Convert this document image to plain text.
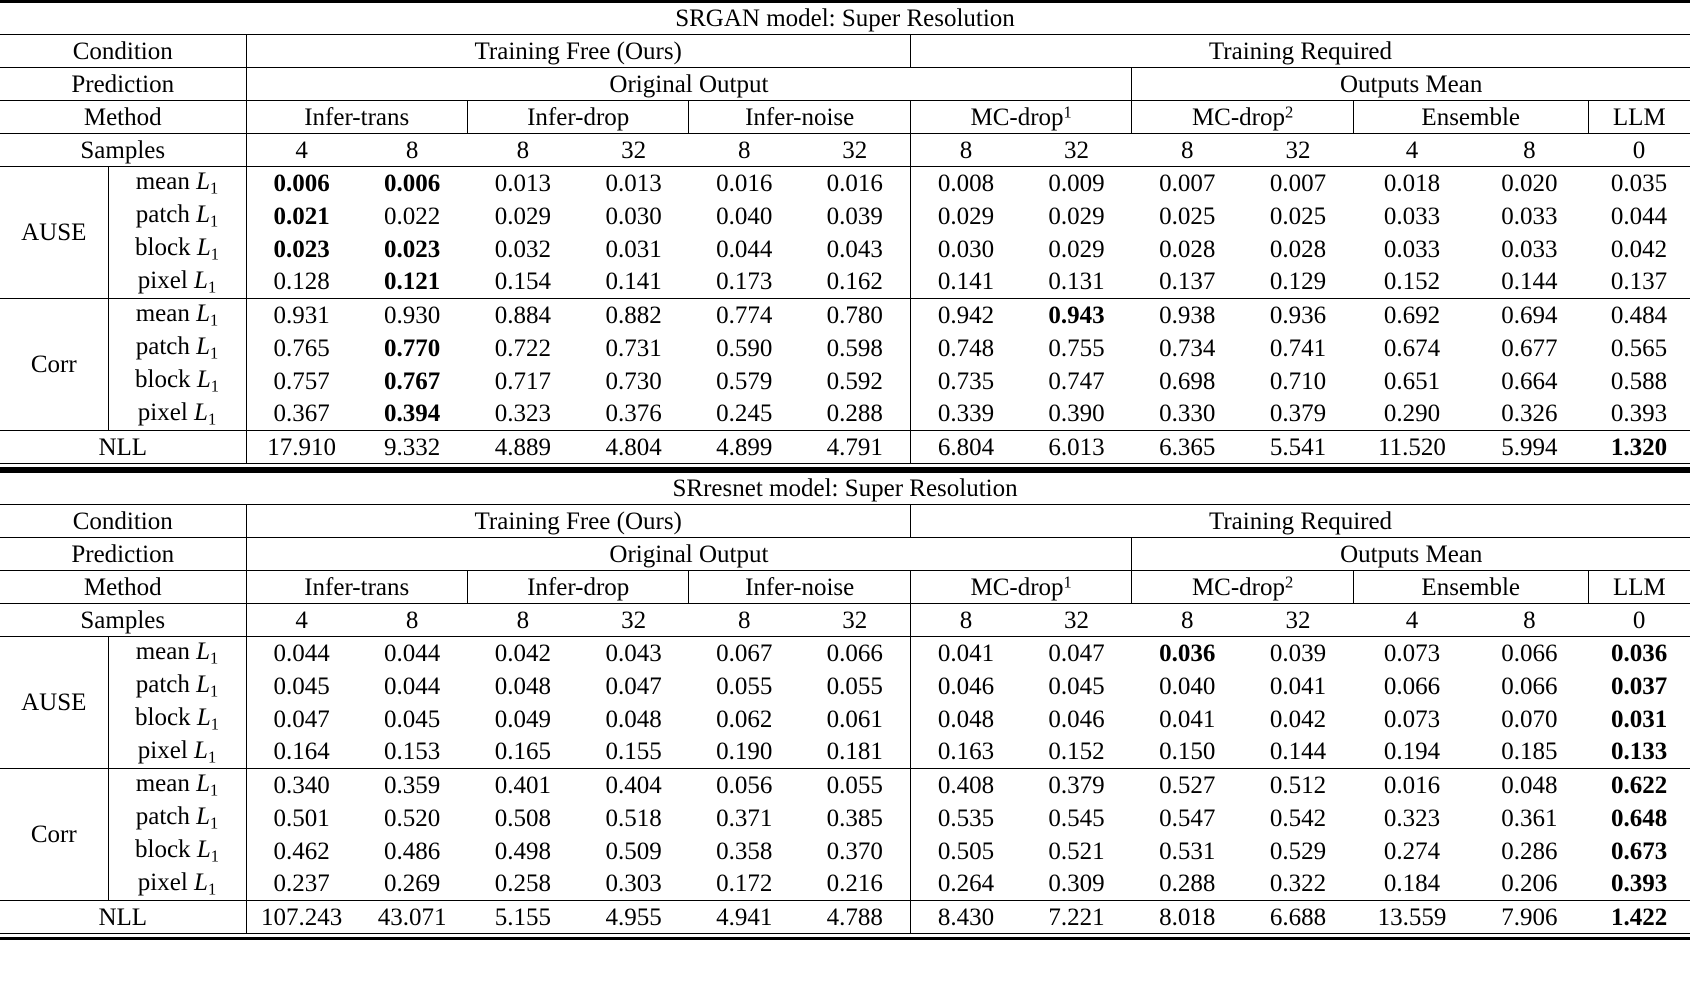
SRGAN model: Super Resolution														
Condition		Training Free (Ours)						Training Required						
Prediction		Original Output								Outputs Mean				
Method		Infer-trans		Infer-drop		Infer-noise		MC-drop$^1$		MC-drop$^2$		Ensemble		LLM
Samples		4	8	8	32	8	32	8	32	8	32	4	8	0
AUSE	mean $L_1$	0.006	0.006	0.013	0.013	0.016	0.016	0.008	0.009	0.007	0.007	0.018	0.020	0.035
	patch $L_1$	0.021	0.022	0.029	0.030	0.040	0.039	0.029	0.029	0.025	0.025	0.033	0.033	0.044
	block $L_1$	0.023	0.023	0.032	0.031	0.044	0.043	0.030	0.029	0.028	0.028	0.033	0.033	0.042
	pixel $L_1$	0.128	0.121	0.154	0.141	0.173	0.162	0.141	0.131	0.137	0.129	0.152	0.144	0.137
Corr	mean $L_1$	0.931	0.930	0.884	0.882	0.774	0.780	0.942	0.943	0.938	0.936	0.692	0.694	0.484
	patch $L_1$	0.765	0.770	0.722	0.731	0.590	0.598	0.748	0.755	0.734	0.741	0.674	0.677	0.565
	block $L_1$	0.757	0.767	0.717	0.730	0.579	0.592	0.735	0.747	0.698	0.710	0.651	0.664	0.588
	pixel $L_1$	0.367	0.394	0.323	0.376	0.245	0.288	0.339	0.390	0.330	0.379	0.290	0.326	0.393
NLL		17.910	9.332	4.889	4.804	4.899	4.791	6.804	6.013	6.365	5.541	11.520	5.994	1.320

SRresnet model: Super Resolution														
Condition		Training Free (Ours)						Training Required						
Prediction		Original Output								Outputs Mean				
Method		Infer-trans		Infer-drop		Infer-noise		MC-drop$^1$		MC-drop$^2$		Ensemble		LLM
Samples		4	8	8	32	8	32	8	32	8	32	4	8	0
AUSE	mean $L_1$	0.044	0.044	0.042	0.043	0.067	0.066	0.041	0.047	0.036	0.039	0.073	0.066	0.036
	patch $L_1$	0.045	0.044	0.048	0.047	0.055	0.055	0.046	0.045	0.040	0.041	0.066	0.066	0.037
	block $L_1$	0.047	0.045	0.049	0.048	0.062	0.061	0.048	0.046	0.041	0.042	0.073	0.070	0.031
	pixel $L_1$	0.164	0.153	0.165	0.155	0.190	0.181	0.163	0.152	0.150	0.144	0.194	0.185	0.133
Corr	mean $L_1$	0.340	0.359	0.401	0.404	0.056	0.055	0.408	0.379	0.527	0.512	0.016	0.048	0.622
	patch $L_1$	0.501	0.520	0.508	0.518	0.371	0.385	0.535	0.545	0.547	0.542	0.323	0.361	0.648
	block $L_1$	0.462	0.486	0.498	0.509	0.358	0.370	0.505	0.521	0.531	0.529	0.274	0.286	0.673
	pixel $L_1$	0.237	0.269	0.258	0.303	0.172	0.216	0.264	0.309	0.288	0.322	0.184	0.206	0.393
NLL		107.243	43.071	5.155	4.955	4.941	4.788	8.430	7.221	8.018	6.688	13.559	7.906	1.422
